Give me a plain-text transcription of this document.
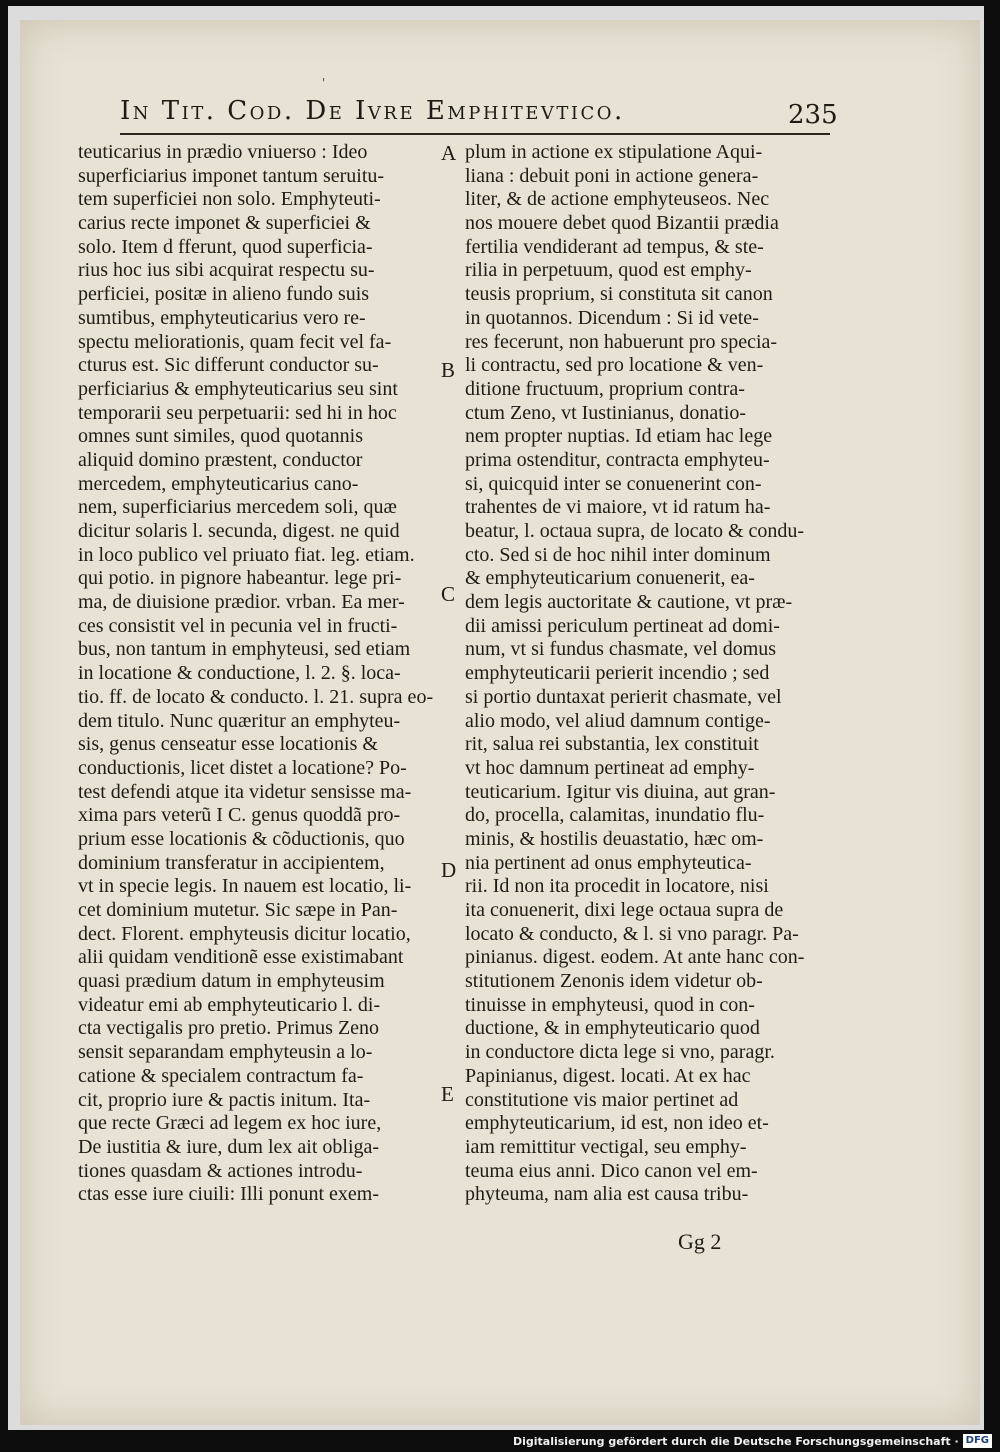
'
In Tit. Cod. De Ivre Emphitevtico.	235
teuticarius in prædio vniuerso : Ideo
superficiarius imponet tantum seruitu-
tem superficiei non solo. Emphyteuti-
carius recte imponet & superficiei &
solo. Item d fferunt, quod superficia-
rius hoc ius sibi acquirat respectu su-
perficiei, positæ in alieno fundo suis
sumtibus, emphyteuticarius vero re-
spectu meliorationis, quam fecit vel fa-
cturus est. Sic differunt conductor su-
perficiarius & emphyteuticarius seu sint
temporarii seu perpetuarii: sed hi in hoc
omnes sunt similes, quod quotannis
aliquid domino præstent, conductor
mercedem, emphyteuticarius cano-
nem, superficiarius mercedem soli, quæ
dicitur solaris l. secunda, digest. ne quid
in loco publico vel priuato fiat. leg. etiam.
qui potio. in pignore habeantur. lege pri-
ma, de diuisione prædior. vrban. Ea mer-
ces consistit vel in pecunia vel in fructi-
bus, non tantum in emphyteusi, sed etiam
in locatione & conductione, l. 2. §. loca-
tio. ff. de locato & conducto. l. 21. supra eo-
dem titulo. Nunc quæritur an emphyteu-
sis, genus censeatur esse locationis &
conductionis, licet distet a locatione? Po-
test defendi atque ita videtur sensisse ma-
xima pars veterũ I C. genus quoddã pro-
prium esse locationis & cõductionis, quo
dominium transferatur in accipientem,
vt in specie legis. In nauem est locatio, li-
cet dominium mutetur. Sic sæpe in Pan-
dect. Florent. emphyteusis dicitur locatio,
alii quidam venditionẽ esse existimabant
quasi prædium datum in emphyteusim
videatur emi ab emphyteuticario l. di-
cta vectigalis pro pretio. Primus Zeno
sensit separandam emphyteusin a lo-
catione & specialem contractum fa-
cit, proprio iure & pactis initum. Ita-
que recte Græci ad legem ex hoc iure,
De iustitia & iure, dum lex ait obliga-
tiones quasdam & actiones introdu-
ctas esse iure ciuili: Illi ponunt exem-
plum in actione ex stipulatione Aqui-
liana : debuit poni in actione genera-
liter, & de actione emphyteuseos. Nec
nos mouere debet quod Bizantii prædia
fertilia vendiderant ad tempus, & ste-
rilia in perpetuum, quod est emphy-
teusis proprium, si constituta sit canon
in quotannos. Dicendum : Si id vete-
res fecerunt, non habuerunt pro specia-
li contractu, sed pro locatione & ven-
ditione fructuum, proprium contra-
ctum Zeno, vt Iustinianus, donatio-
nem propter nuptias. Id etiam hac lege
prima ostenditur, contracta emphyteu-
si, quicquid inter se conuenerint con-
trahentes de vi maiore, vt id ratum ha-
beatur, l. octaua supra, de locato & condu-
cto. Sed si de hoc nihil inter dominum
& emphyteuticarium conuenerit, ea-
dem legis auctoritate & cautione, vt præ-
dii amissi periculum pertineat ad domi-
num, vt si fundus chasmate, vel domus
emphyteuticarii perierit incendio ; sed
si portio duntaxat perierit chasmate, vel
alio modo, vel aliud damnum contige-
rit, salua rei substantia, lex constituit
vt hoc damnum pertineat ad emphy-
teuticarium. Igitur vis diuina, aut gran-
do, procella, calamitas, inundatio flu-
minis, & hostilis deuastatio, hæc om-
nia pertinent ad onus emphyteutica-
rii. Id non ita procedit in locatore, nisi
ita conuenerit, dixi lege octaua supra de
locato & conducto, & l. si vno paragr. Pa-
pinianus. digest. eodem. At ante hanc con-
stitutionem Zenonis idem videtur ob-
tinuisse in emphyteusi, quod in con-
ductione, & in emphyteuticario quod
in conductore dicta lege si vno, paragr.
Papinianus, digest. locati. At ex hac
constitutione vis maior pertinet ad
emphyteuticarium, id est, non ideo et-
iam remittitur vectigal, seu emphy-
teuma eius anni. Dico canon vel em-
phyteuma, nam alia est causa tribu-
A
B
C
D
E
Gg 2
Digitalisierung gefördert durch die Deutsche Forschungsgemeinschaft · DFG
